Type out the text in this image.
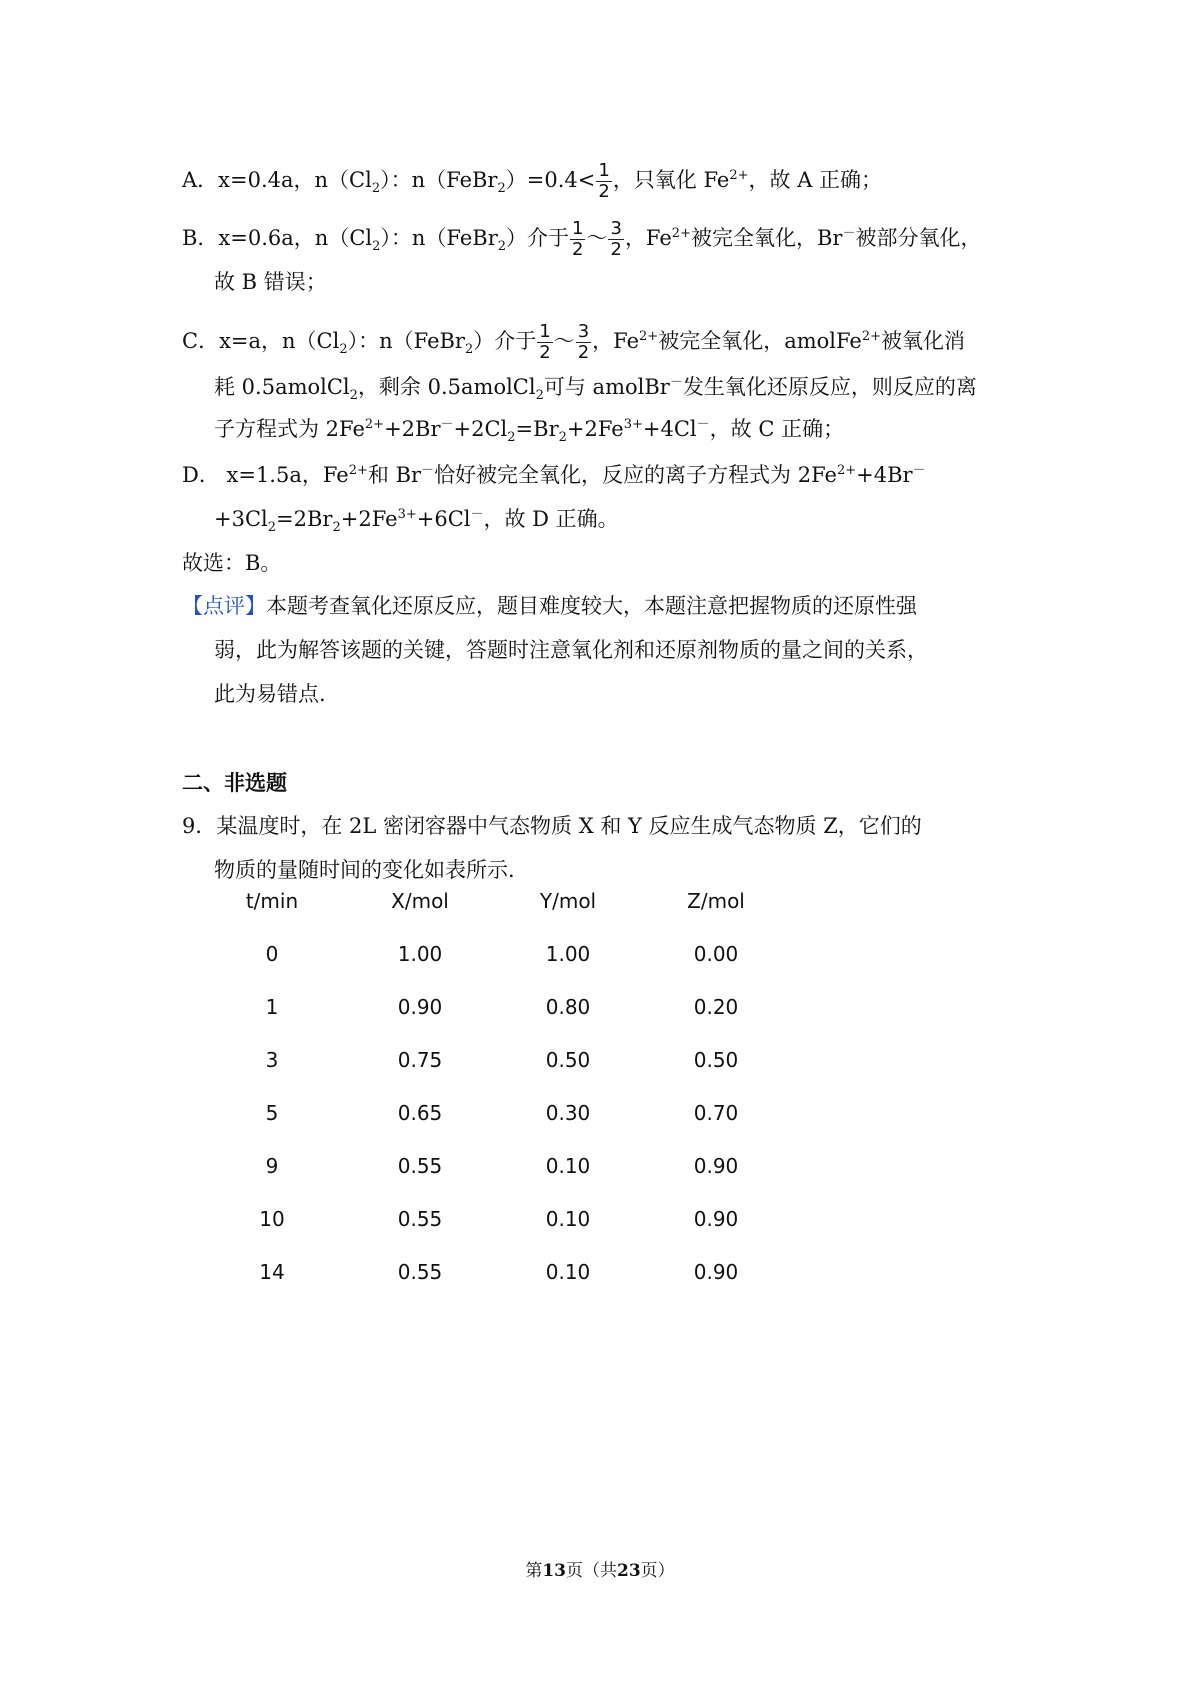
A．x=0.4a，$n(Cl_2)$：n（FeBr$_2$）=0.4< $\frac{1}{2}$ ，只氧化 $Fe^{2+}$，故 A 正确；
B．x=0.6a，$n(Cl_2)$：n（FeBr$_2$）介于 $\frac{1}{2}$ ～ $\frac{3}{2}$ ，$Fe^{2+}$被完全氧化，Br－被部分氧化，
故 B 错误；
C．x=a，$n(Cl_2)$：n（FeBr$_2$）介于 $\frac{1}{2}$ ～ $\frac{3}{2}$ ，$Fe^{2+}$被完全氧化，amolFe$^{2+}$被氧化消
耗 0.5amolCl$_2$，剩余 0.5amolCl$_2$可与 amolBr－发生氧化还原反应，则反应的离
子方程式为 $2Fe^{2+}+2Br^-+2Cl_2=Br_2+2Fe^{3+}+4Cl^-$，故 C 正确；
D． x=1.5a，$Fe^{2+}$和 Br－恰好被完全氧化，反应的离子方程式为 $2Fe^{2+}+4Br^-$
$+3Cl_2=2Br_2+2Fe^{3+}+6Cl^-$，故 D 正确。
故选：B。
【点评】本题考查氧化还原反应，题目难度较大，本题注意把握物质的还原性强
弱，此为解答该题的关键，答题时注意氧化剂和还原剂物质的量之间的关系，
此为易错点.
二、非选题
9．某温度时，在 2L 密闭容器中气态物质 X 和 Y 反应生成气态物质 Z，它们的
物质的量随时间的变化如表所示.
t/min	X/mol	Y/mol	Z/mol
0	1.00	1.00	0.00
1	0.90	0.80	0.20
3	0.75	0.50	0.50
5	0.65	0.30	0.70
9	0.55	0.10	0.90
10	0.55	0.10	0.90
14	0.55	0.10	0.90
第13页（共23页）
